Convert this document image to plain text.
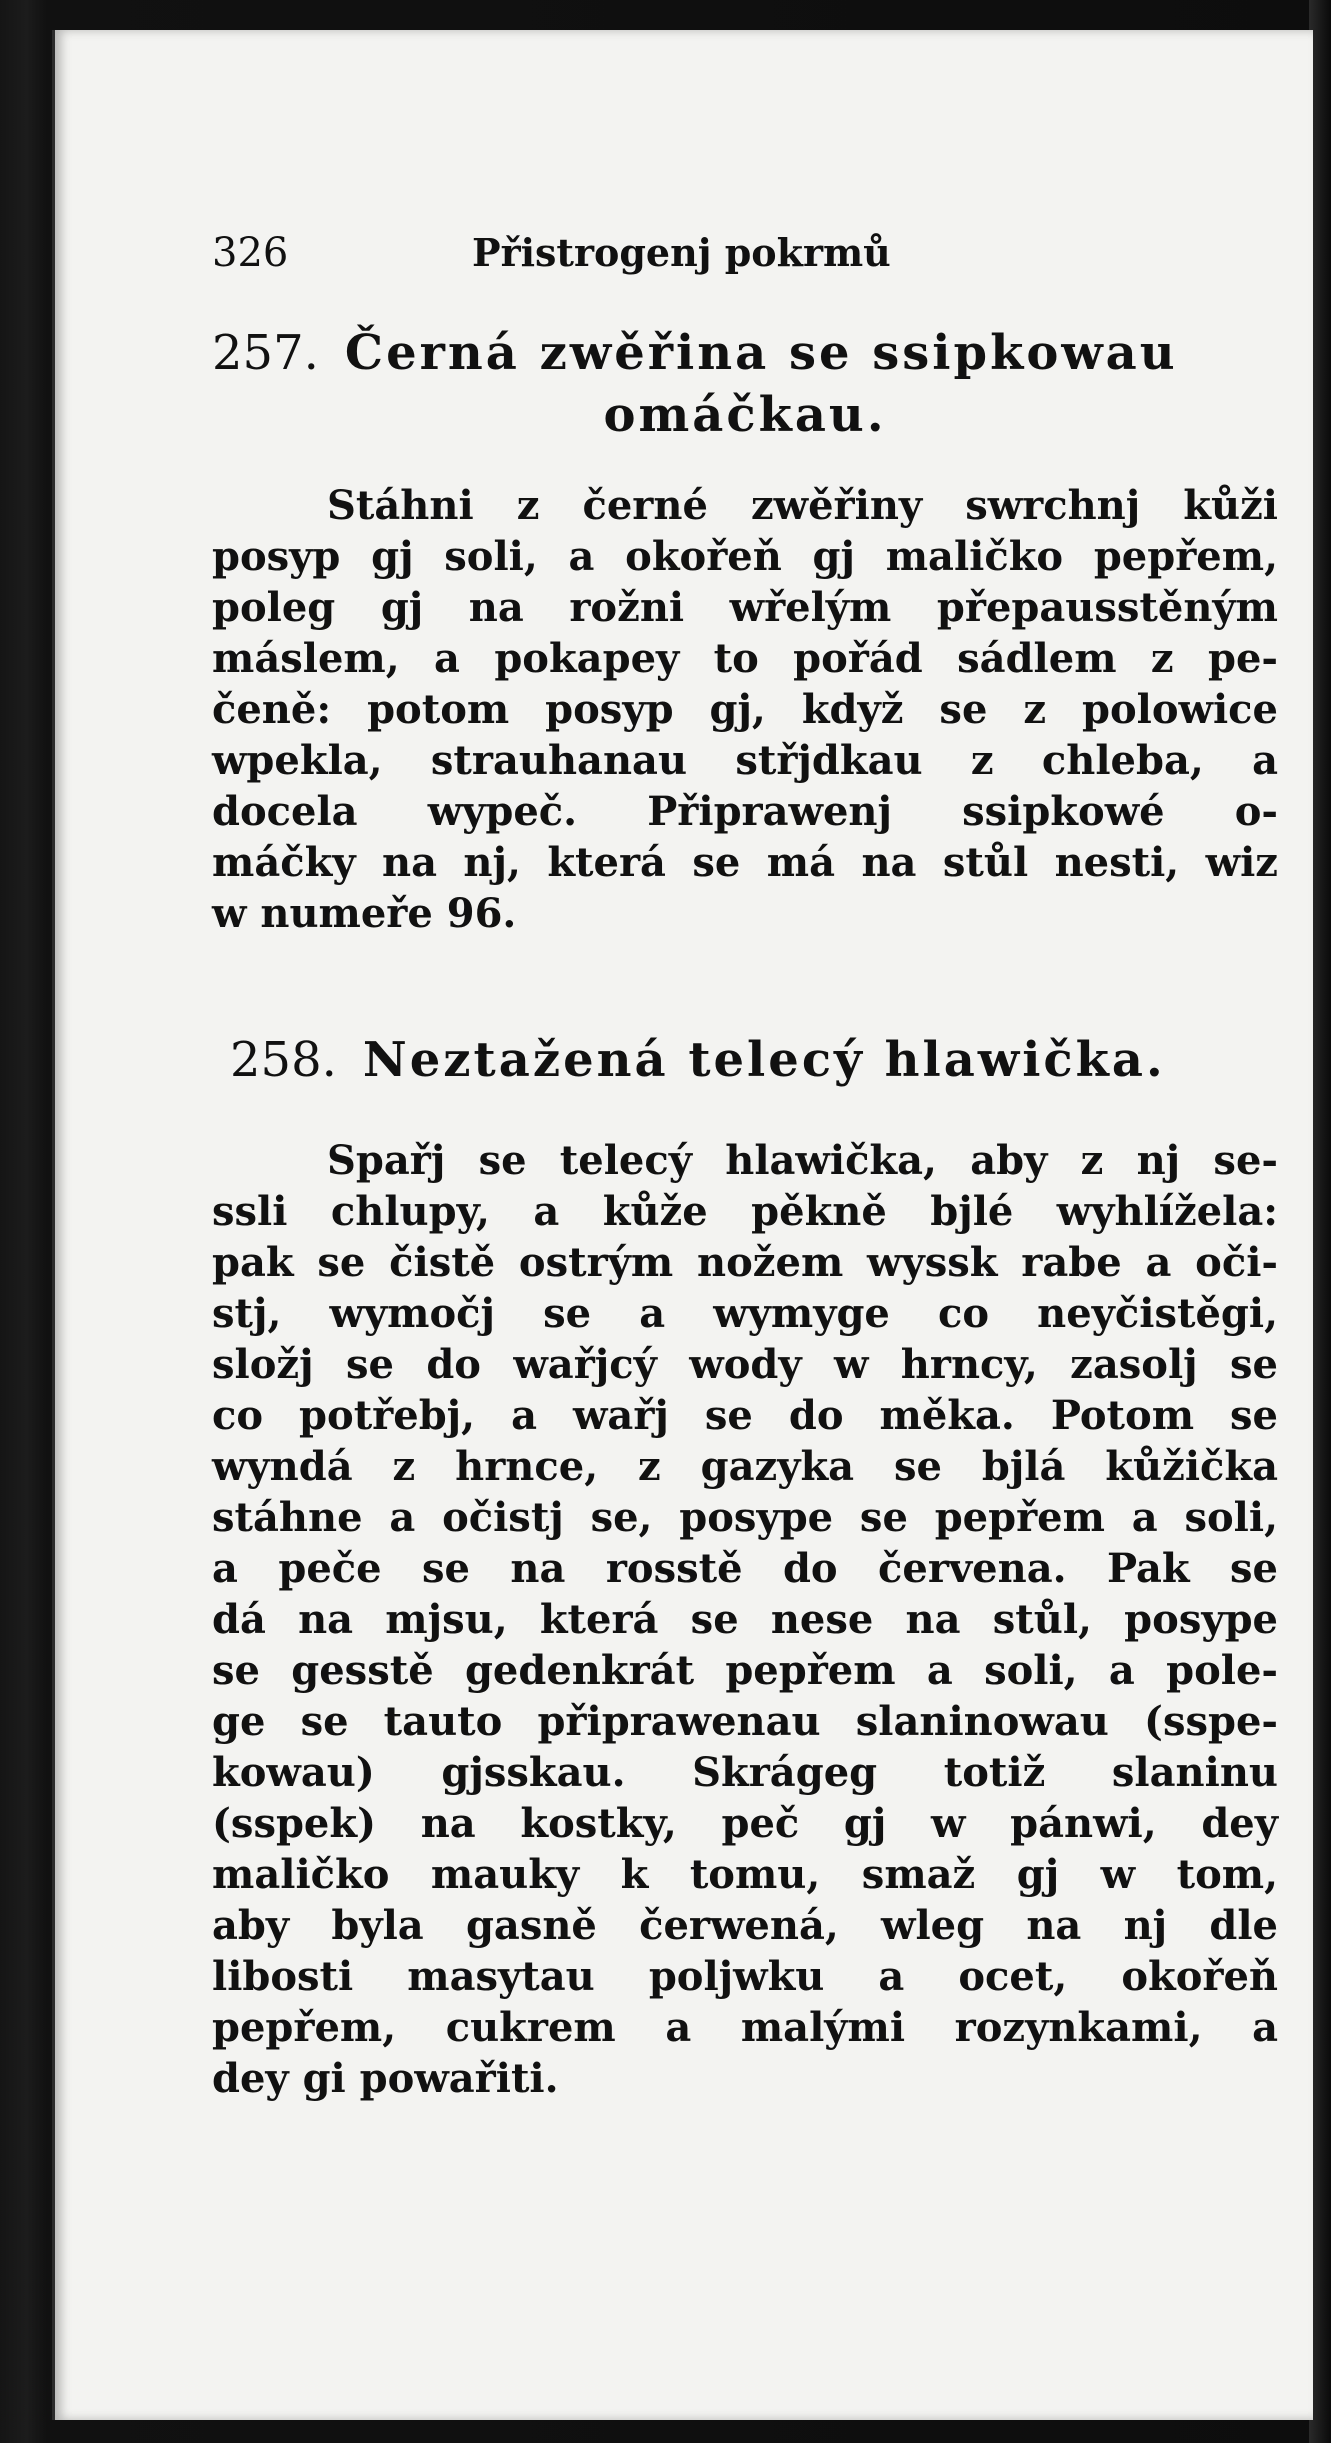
326	Přistrogenj pokrmů
257. Černá zwěřina se ssipkowau
omáčkau.
Stáhni z černé zwěřiny swrchnj kůži
posyp gj soli, a okořeň gj maličko pepřem,
poleg gj na rožni wřelým přepausstěným
máslem, a pokapey to pořád sádlem z pe-
čeně: potom posyp gj, když se z polowice
wpekla, strauhanau střjdkau z chleba, a
docela wypeč. Připrawenj ssipkowé o-
máčky na nj, která se má na stůl nesti, wiz
w numeře 96.
258. Neztažená telecý hlawička.
Spařj se telecý hlawička, aby z nj se-
ssli chlupy, a kůže pěkně bjlé wyhlížela:
pak se čistě ostrým nožem wyssk rabe a oči-
stj, wymočj se a wymyge co neyčistěgi,
složj se do wařjcý wody w hrncy, zasolj se
co potřebj, a wařj se do měka. Potom se
wyndá z hrnce, z gazyka se bjlá kůžička
stáhne a očistj se, posype se pepřem a soli,
a peče se na rosstě do červena. Pak se
dá na mjsu, která se nese na stůl, posype
se gesstě gedenkrát pepřem a soli, a pole-
ge se tauto připrawenau slaninowau (sspe-
kowau) gjsskau. Skrágeg totiž slaninu
(sspek) na kostky, peč gj w pánwi, dey
maličko mauky k tomu, smaž gj w tom,
aby byla gasně čerwená, wleg na nj dle
libosti masytau poljwku a ocet, okořeň
pepřem, cukrem a malými rozynkami, a
dey gi powařiti.
